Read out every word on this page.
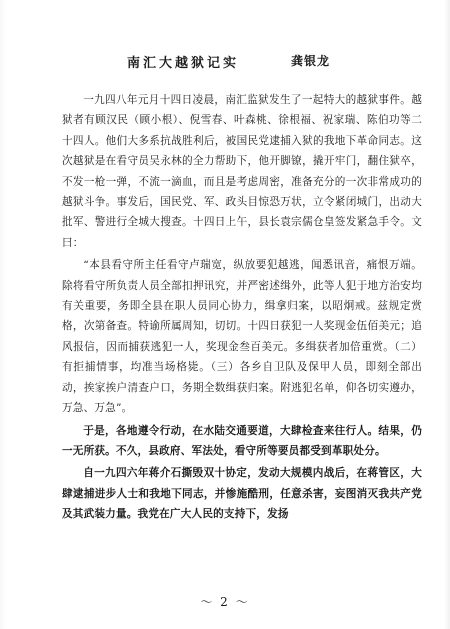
南汇大越狱记实	龚银龙

一九四八年元月十四日凌晨，南汇监狱发生了一起特大的越狱事件。越狱者有顾汉民（顾小根）、倪雪春、叶森桃、徐根福、祝家瑞、陈伯功等二十四人。他们大多系抗战胜利后，被国民党逮捕入狱的我地下革命同志。这次越狱是在看守员吴永林的全力帮助下，他开脚镣，撬开牢门，翻住狱卒，不发一枪一弹，不流一滴血，而且是考虑周密，准备充分的一次非常成功的越狱斗争。事发后，国民党、军、政头目惊恐万状，立令紧闭城门，出动大批军、警进行全城大搜查。十四日上午，县长袁宗儒仓皇签发紧急手令。文曰：

“本县看守所主任看守卢瑞宽，纵放要犯越逃，闻悉讯音，痛恨万端。除将看守所负责人员全部扣押讯究，并严密述缉外，此等人犯于地方治安均有关重要，务即全县在职人员同心协力，缉拿归案，以昭炯戒。兹规定赏格，次第备查。特谕所属周知，切切。十四日获犯一人奖现金伍佰美元；追风报信，因而捕获逃犯一人，奖现金叁百美元。多缉获者加倍重赏。（二）有拒捕情事，均准当场格毙。（三）各乡自卫队及保甲人员，即刻全部出动，挨家挨户清查户口，务期全数缉获归案。附逃犯名单，仰各切实遵办，万急、万急”。

于是，各地遵令行动，在水陆交通要道，大肆检查来往行人。结果，仍一无所获。不久，县政府、军法处，看守所等要员都受到革职处分。

自一九四六年蒋介石撕毁双十协定，发动大规模内战后，在蒋管区，大肆逮捕进步人士和我地下同志，并惨施酷刑，任意杀害，妄图消灭我共产党及其武装力量。我党在广大人民的支持下，发扬

～ 2 ～
